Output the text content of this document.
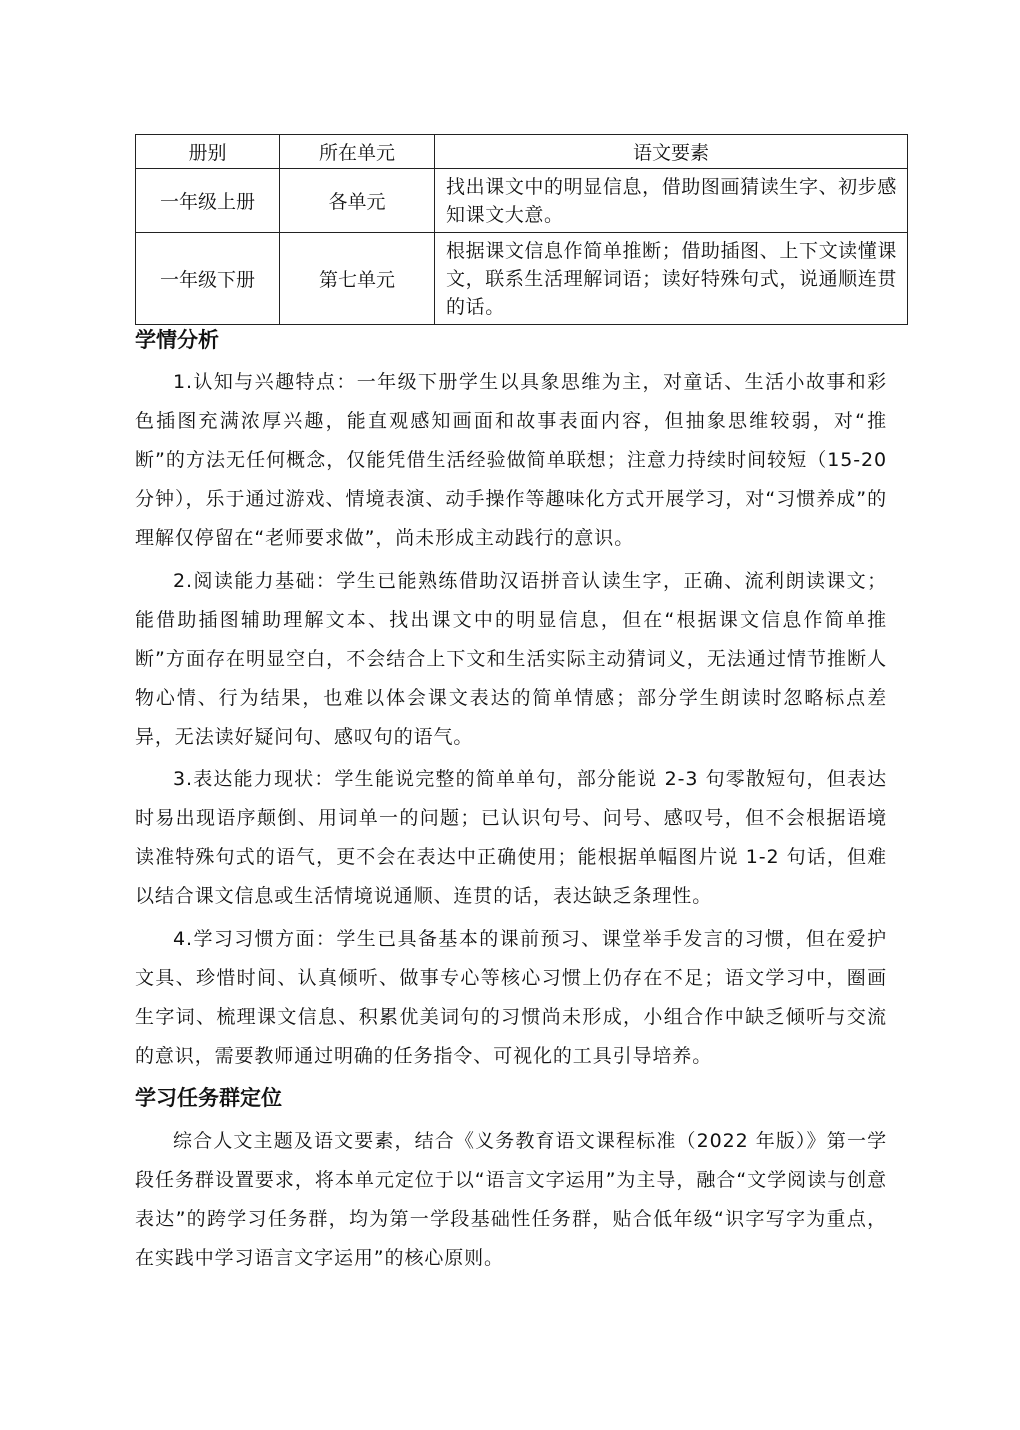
册别	所在单元	语文要素
一年级上册	各单元	找出课文中的明显信息，借助图画猜读生字、初步感知课文大意。
一年级下册	第七单元	根据课文信息作简单推断；借助插图、上下文读懂课文，联系生活理解词语；读好特殊句式，说通顺连贯的话。
学情分析

1.认知与兴趣特点：一年级下册学生以具象思维为主，对童话、生活小故事和彩色插图充满浓厚兴趣，能直观感知画面和故事表面内容，但抽象思维较弱，对“推断”的方法无任何概念，仅能凭借生活经验做简单联想；注意力持续时间较短（15-20 分钟），乐于通过游戏、情境表演、动手操作等趣味化方式开展学习，对“习惯养成”的理解仅停留在“老师要求做”，尚未形成主动践行的意识。

2.阅读能力基础：学生已能熟练借助汉语拼音认读生字，正确、流利朗读课文；能借助插图辅助理解文本、找出课文中的明显信息，但在“根据课文信息作简单推断”方面存在明显空白，不会结合上下文和生活实际主动猜词义，无法通过情节推断人物心情、行为结果，也难以体会课文表达的简单情感；部分学生朗读时忽略标点差异，无法读好疑问句、感叹句的语气。

3.表达能力现状：学生能说完整的简单单句，部分能说 2-3 句零散短句，但表达时易出现语序颠倒、用词单一的问题；已认识句号、问号、感叹号，但不会根据语境读准特殊句式的语气，更不会在表达中正确使用；能根据单幅图片说 1-2 句话，但难以结合课文信息或生活情境说通顺、连贯的话，表达缺乏条理性。

4.学习习惯方面：学生已具备基本的课前预习、课堂举手发言的习惯，但在爱护文具、珍惜时间、认真倾听、做事专心等核心习惯上仍存在不足；语文学习中，圈画生字词、梳理课文信息、积累优美词句的习惯尚未形成，小组合作中缺乏倾听与交流的意识，需要教师通过明确的任务指令、可视化的工具引导培养。

学习任务群定位

综合人文主题及语文要素，结合《义务教育语文课程标准（2022 年版）》第一学段任务群设置要求，将本单元定位于以“语言文字运用”为主导，融合“文学阅读与创意表达”的跨学习任务群，均为第一学段基础性任务群，贴合低年级“识字写字为重点，在实践中学习语言文字运用”的核心原则。
